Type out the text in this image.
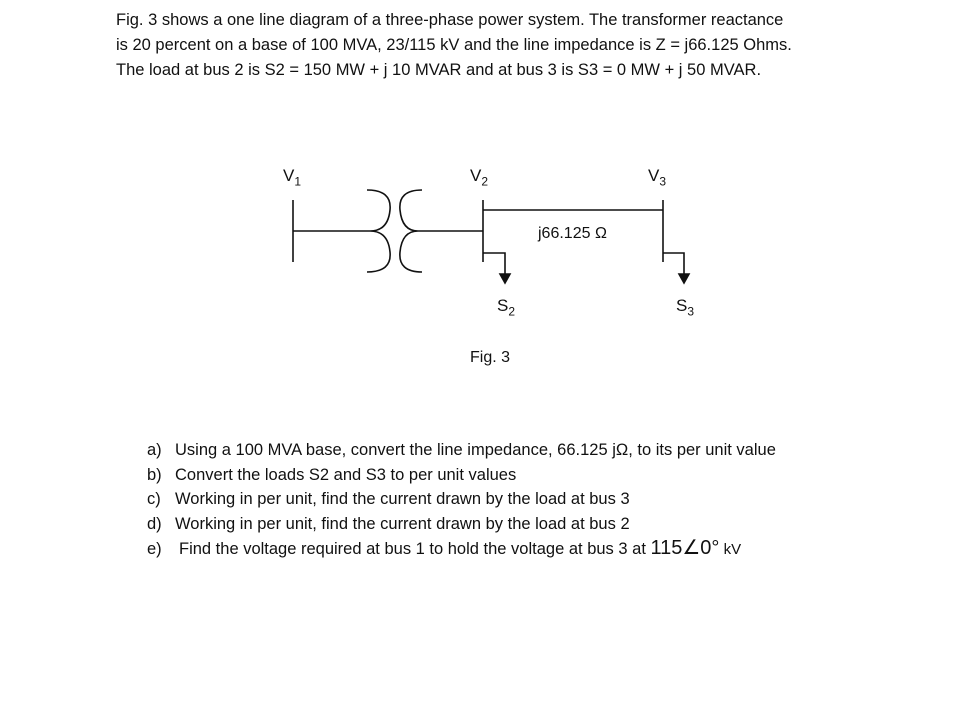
Fig. 3 shows a one line diagram of a three-phase power system. The transformer reactance
is 20 percent on a base of 100 MVA, 23/115 kV and the line impedance is Z = j66.125 Ohms.
The load at bus 2 is S2 = 150 MW + j 10 MVAR and at bus 3 is S3 = 0 MW + j 50 MVAR.
$V_1$	$V_2$	$V_3$
j66.125 Ω
$S_2$	$S_3$
Fig. 3
a) Using a 100 MVA base, convert the line impedance, 66.125 jΩ, to its per unit value
b) Convert the loads S2 and S3 to per unit values
c) Working in per unit, find the current drawn by the load at bus 3
d) Working in per unit, find the current drawn by the load at bus 2
e)	Find the voltage required at bus 1 to hold the voltage at bus 3 at 115∠0° kV
